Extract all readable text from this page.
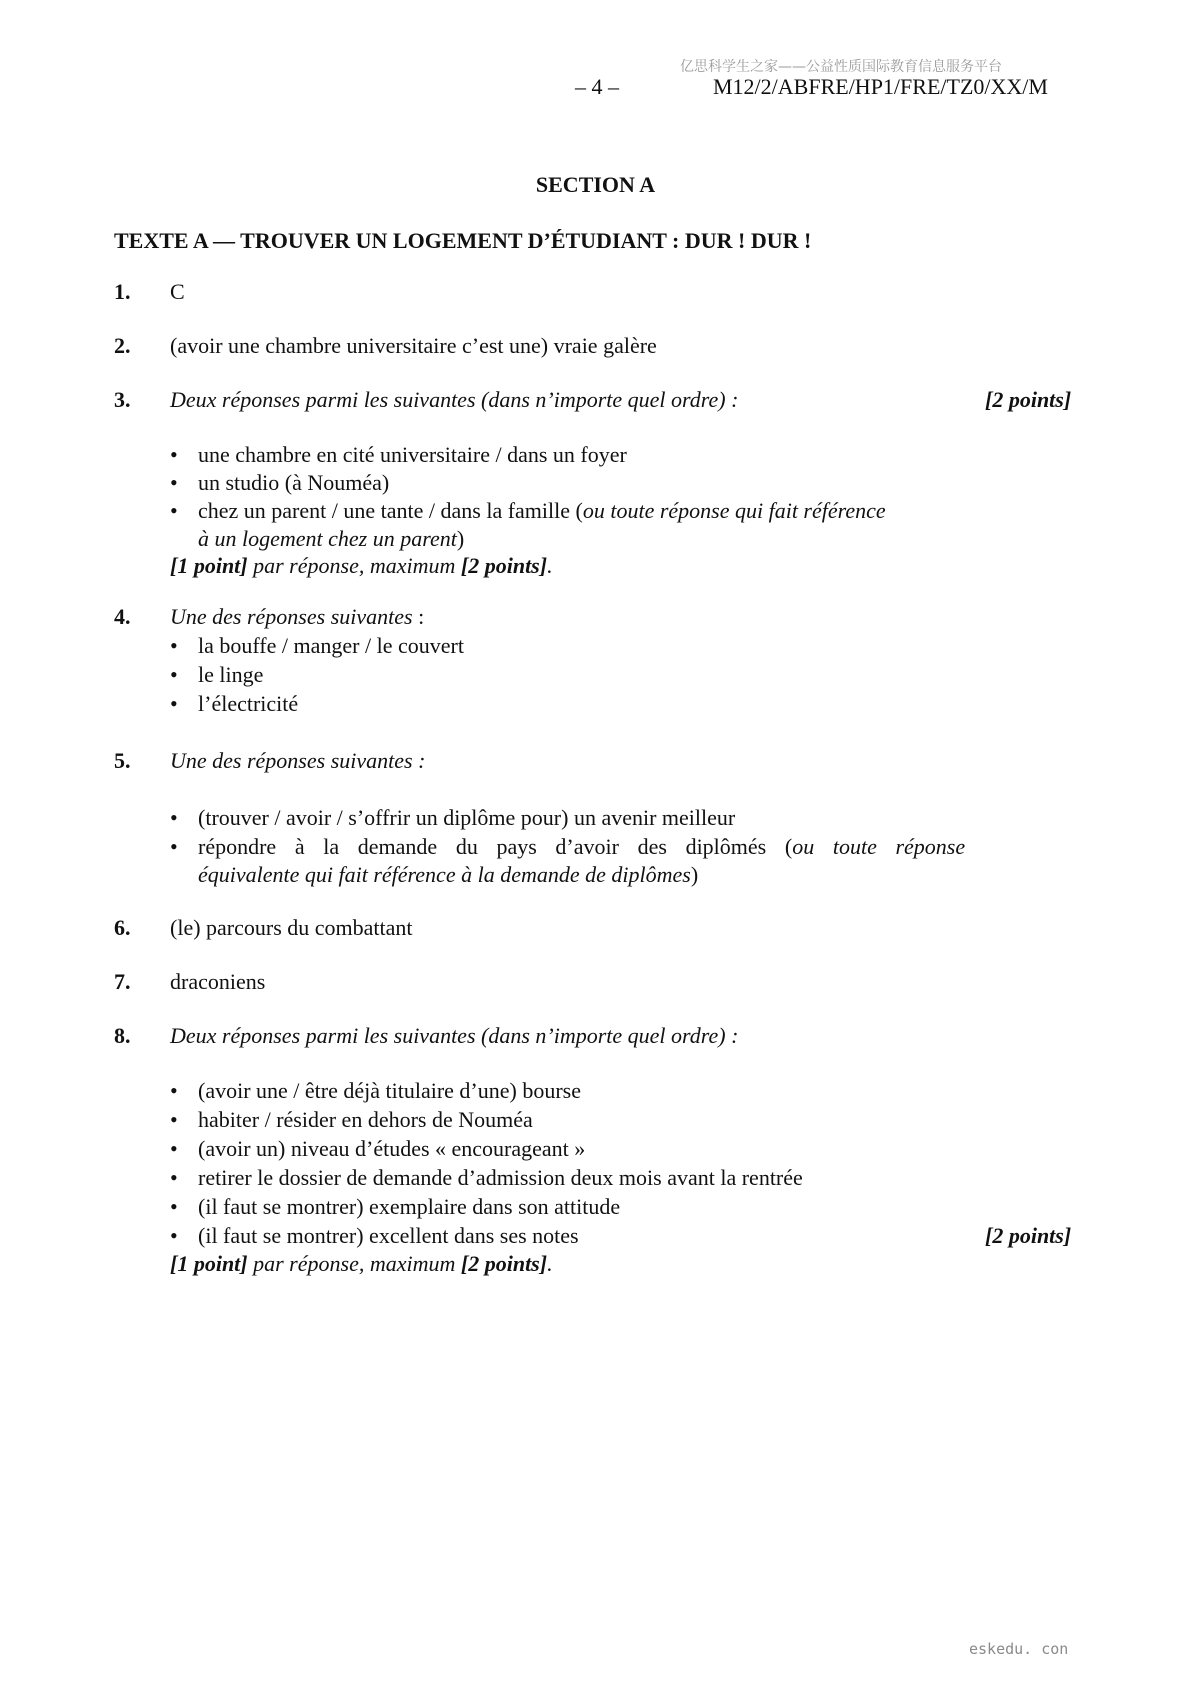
亿思科学生之家——公益性质国际教育信息服务平台
– 4 –	M12/2/ABFRE/HP1/FRE/TZ0/XX/M
SECTION A
TEXTE A — TROUVER UN LOGEMENT D’ÉTUDIANT : DUR ! DUR !
1. C
2. (avoir une chambre universitaire c’est une) vraie galère
3. Deux réponses parmi les suivantes (dans n’importe quel ordre) :	[2 points]
• une chambre en cité universitaire / dans un foyer
• un studio (à Nouméa)
• chez un parent / une tante / dans la famille (ou toute réponse qui fait référence
à un logement chez un parent)
[1 point] par réponse, maximum [2 points].
4. Une des réponses suivantes :
• la bouffe / manger / le couvert
• le linge
• l’électricité
5. Une des réponses suivantes :
• (trouver / avoir / s’offrir un diplôme pour) un avenir meilleur
• répondre à la demande du pays d’avoir des diplômés (ou toute réponse
équivalente qui fait référence à la demande de diplômes)
6. (le) parcours du combattant
7. draconiens
8. Deux réponses parmi les suivantes (dans n’importe quel ordre) :
• (avoir une / être déjà titulaire d’une) bourse
• habiter / résider en dehors de Nouméa
• (avoir un) niveau d’études « encourageant »
• retirer le dossier de demande d’admission deux mois avant la rentrée
• (il faut se montrer) exemplaire dans son attitude
• (il faut se montrer) excellent dans ses notes	[2 points]
[1 point] par réponse, maximum [2 points].
eskedu. con
